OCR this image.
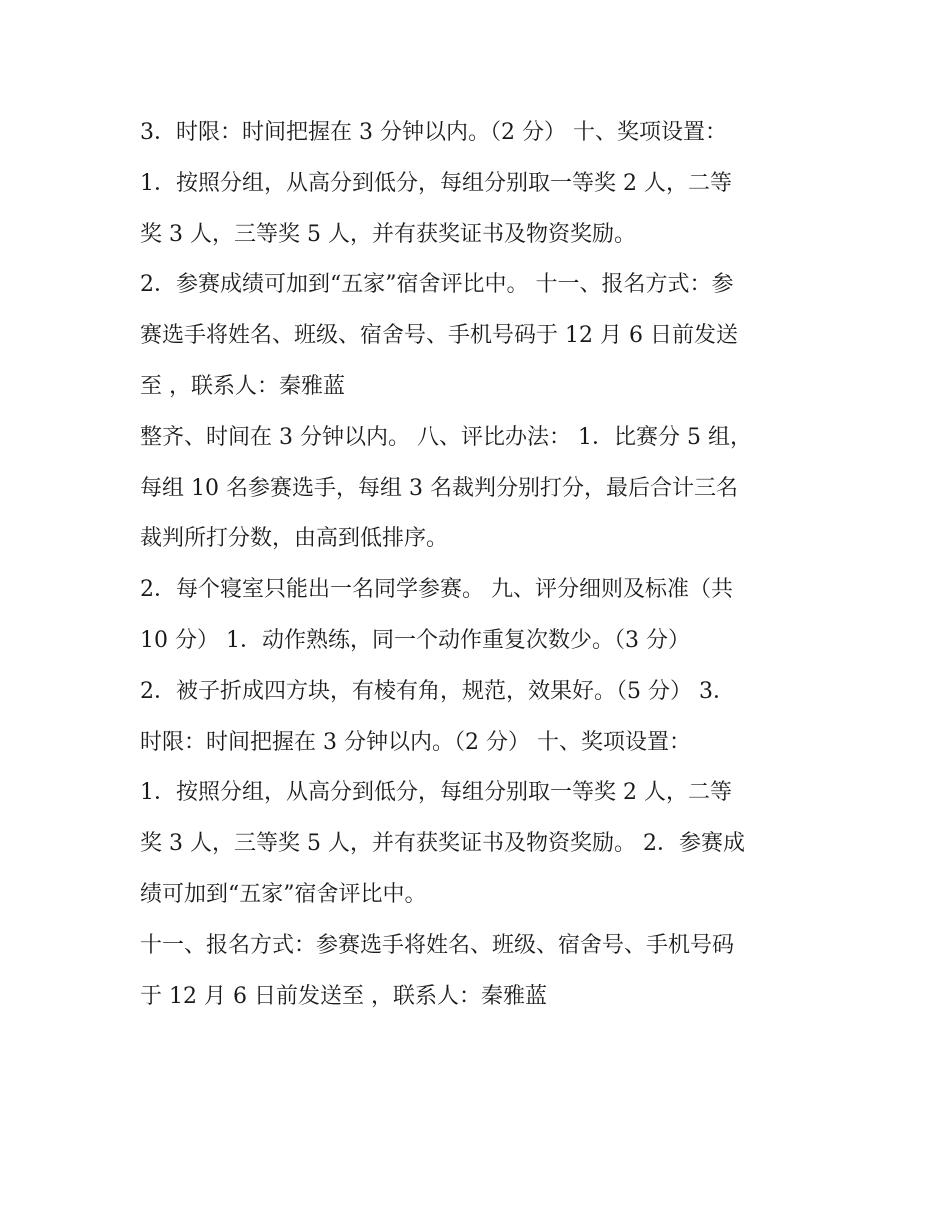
3．时限：时间把握在 3 分钟以内。（2 分） 十、奖项设置：
1．按照分组，从高分到低分，每组分别取一等奖 2 人，二等
奖 3 人，三等奖 5 人，并有获奖证书及物资奖励。
2．参赛成绩可加到“五家”宿舍评比中。 十一、报名方式：参
赛选手将姓名、班级、宿舍号、手机号码于 12 月 6 日前发送
至 ，联系人：秦雅蓝
整齐、时间在 3 分钟以内。 八、评比办法： 1．比赛分 5 组，
每组 10 名参赛选手，每组 3 名裁判分别打分，最后合计三名
裁判所打分数，由高到低排序。
2．每个寝室只能出一名同学参赛。 九、评分细则及标准（共
10 分） 1．动作熟练，同一个动作重复次数少。（3 分）
2．被子折成四方块，有棱有角，规范，效果好。（5 分） 3．
时限：时间把握在 3 分钟以内。（2 分） 十、奖项设置：
1．按照分组，从高分到低分，每组分别取一等奖 2 人，二等
奖 3 人，三等奖 5 人，并有获奖证书及物资奖励。 2．参赛成
绩可加到“五家”宿舍评比中。
十一、报名方式：参赛选手将姓名、班级、宿舍号、手机号码
于 12 月 6 日前发送至 ，联系人：秦雅蓝
